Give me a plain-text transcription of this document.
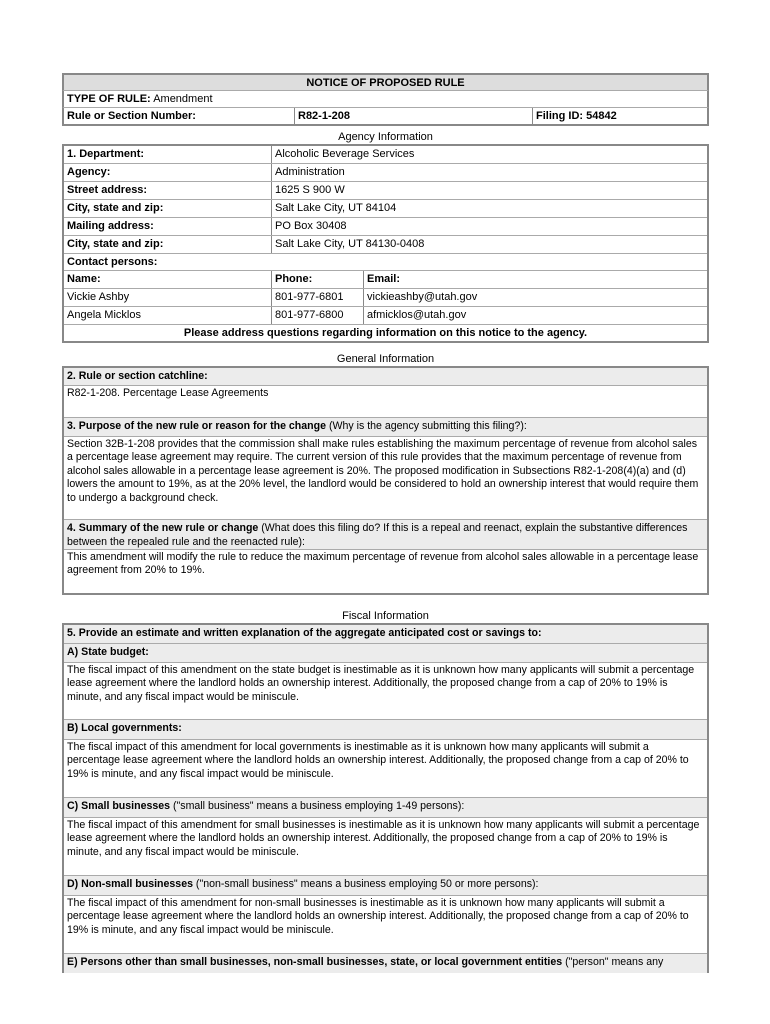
NOTICE OF PROPOSED RULE
TYPE OF RULE: Amendment
Rule or Section Number:	R82-1-208	Filing ID: 54842
Agency Information
1. Department:	Alcoholic Beverage Services
Agency:	Administration
Street address:	1625 S 900 W
City, state and zip:	Salt Lake City, UT 84104
Mailing address:	PO Box 30408
City, state and zip:	Salt Lake City, UT 84130-0408
Contact persons:
Name:	Phone:	Email:
Vickie Ashby	801-977-6801	vickieashby@utah.gov
Angela Micklos	801-977-6800	afmicklos@utah.gov
Please address questions regarding information on this notice to the agency.
General Information
2. Rule or section catchline:
R82-1-208. Percentage Lease Agreements
3. Purpose of the new rule or reason for the change (Why is the agency submitting this filing?):
Section 32B-1-208 provides that the commission shall make rules establishing the maximum percentage of revenue from alcohol sales a percentage lease agreement may require. The current version of this rule provides that the maximum percentage of revenue from alcohol sales allowable in a percentage lease agreement is 20%. The proposed modification in Subsections R82-1-208(4)(a) and (d) lowers the amount to 19%, as at the 20% level, the landlord would be considered to hold an ownership interest that would require them to undergo a background check.
4. Summary of the new rule or change (What does this filing do? If this is a repeal and reenact, explain the substantive differences between the repealed rule and the reenacted rule):
This amendment will modify the rule to reduce the maximum percentage of revenue from alcohol sales allowable in a percentage lease agreement from 20% to 19%.
Fiscal Information
5. Provide an estimate and written explanation of the aggregate anticipated cost or savings to:
A) State budget:
The fiscal impact of this amendment on the state budget is inestimable as it is unknown how many applicants will submit a percentage lease agreement where the landlord holds an ownership interest. Additionally, the proposed change from a cap of 20% to 19% is minute, and any fiscal impact would be miniscule.
B) Local governments:
The fiscal impact of this amendment for local governments is inestimable as it is unknown how many applicants will submit a percentage lease agreement where the landlord holds an ownership interest. Additionally, the proposed change from a cap of 20% to 19% is minute, and any fiscal impact would be miniscule.
C) Small businesses ("small business" means a business employing 1-49 persons):
The fiscal impact of this amendment for small businesses is inestimable as it is unknown how many applicants will submit a percentage lease agreement where the landlord holds an ownership interest. Additionally, the proposed change from a cap of 20% to 19% is minute, and any fiscal impact would be miniscule.
D) Non-small businesses ("non-small business" means a business employing 50 or more persons):
The fiscal impact of this amendment for non-small businesses is inestimable as it is unknown how many applicants will submit a percentage lease agreement where the landlord holds an ownership interest. Additionally, the proposed change from a cap of 20% to 19% is minute, and any fiscal impact would be miniscule.
E) Persons other than small businesses, non-small businesses, state, or local government entities ("person" means any
